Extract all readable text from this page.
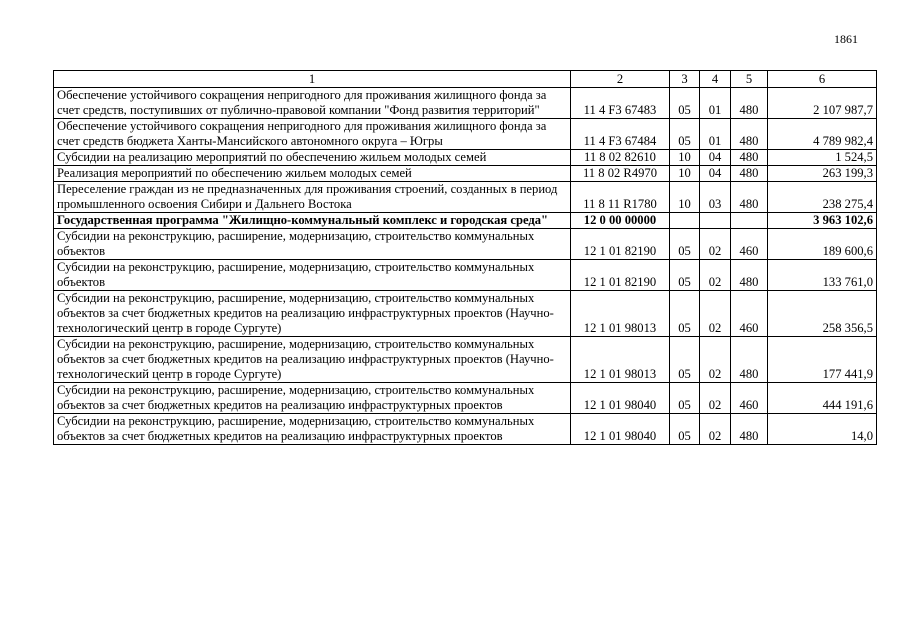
1861
1	2	3	4	5	6
Обеспечение устойчивого сокращения непригодного для проживания жилищного фонда за счет средств, поступивших от публично-правовой компании "Фонд развития территорий"	11 4 F3 67483	05	01	480	2 107 987,7
Обеспечение устойчивого сокращения непригодного для проживания жилищного фонда за счет средств бюджета Ханты-Мансийского автономного округа – Югры	11 4 F3 67484	05	01	480	4 789 982,4
Субсидии на реализацию мероприятий по обеспечению жильем молодых семей	11 8 02 82610	10	04	480	1 524,5
Реализация мероприятий по обеспечению жильем молодых семей	11 8 02 R4970	10	04	480	263 199,3
Переселение граждан из не предназначенных для проживания строений, созданных в период промышленного освоения Сибири и Дальнего Востока	11 8 11 R1780	10	03	480	238 275,4
Государственная программа "Жилищно-коммунальный комплекс и городская среда"	12 0 00 00000				3 963 102,6
Субсидии на реконструкцию, расширение, модернизацию, строительство коммунальных объектов	12 1 01 82190	05	02	460	189 600,6
Субсидии на реконструкцию, расширение, модернизацию, строительство коммунальных объектов	12 1 01 82190	05	02	480	133 761,0
Субсидии на реконструкцию, расширение, модернизацию, строительство коммунальных объектов за счет бюджетных кредитов на реализацию инфраструктурных проектов (Научно-технологический центр в городе Сургуте)	12 1 01 98013	05	02	460	258 356,5
Субсидии на реконструкцию, расширение, модернизацию, строительство коммунальных объектов за счет бюджетных кредитов на реализацию инфраструктурных проектов (Научно-технологический центр в городе Сургуте)	12 1 01 98013	05	02	480	177 441,9
Субсидии на реконструкцию, расширение, модернизацию, строительство коммунальных объектов за счет бюджетных кредитов на реализацию инфраструктурных проектов	12 1 01 98040	05	02	460	444 191,6
Субсидии на реконструкцию, расширение, модернизацию, строительство коммунальных объектов за счет бюджетных кредитов на реализацию инфраструктурных проектов	12 1 01 98040	05	02	480	14,0
